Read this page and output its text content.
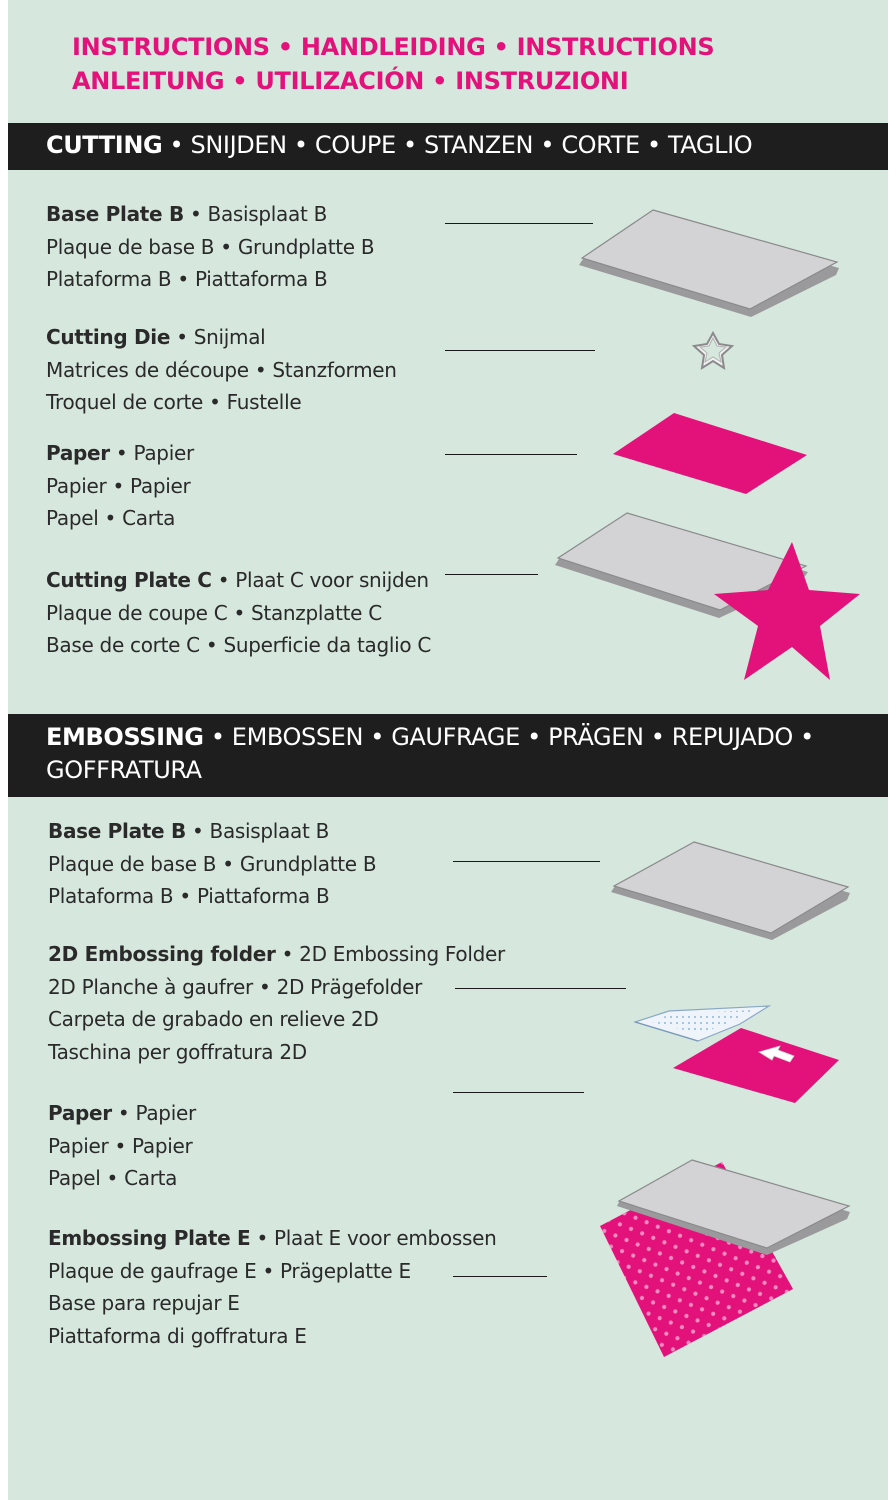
INSTRUCTIONS • HANDLEIDING • INSTRUCTIONS
ANLEITUNG • UTILIZACIÓN • INSTRUZIONI
CUTTING • SNIJDEN • COUPE • STANZEN • CORTE • TAGLIO
Base Plate B • Basisplaat B
Plaque de base B • Grundplatte B
Plataforma B • Piattaforma B
Cutting Die • Snijmal
Matrices de découpe • Stanzformen
Troquel de corte • Fustelle
Paper • Papier
Papier • Papier
Papel • Carta
Cutting Plate C • Plaat C voor snijden
Plaque de coupe C • Stanzplatte C
Base de corte C • Superficie da taglio C
EMBOSSING • EMBOSSEN • GAUFRAGE • PRÄGEN • REPUJADO •
GOFFRATURA
Base Plate B • Basisplaat B
Plaque de base B • Grundplatte B
Plataforma B • Piattaforma B
2D Embossing folder • 2D Embossing Folder
2D Planche à gaufrer • 2D Prägefolder
Carpeta de grabado en relieve 2D
Taschina per goffratura 2D
Paper • Papier
Papier • Papier
Papel • Carta
Embossing Plate E • Plaat E voor embossen
Plaque de gaufrage E • Prägeplatte E
Base para repujar E
Piattaforma di goffratura E
